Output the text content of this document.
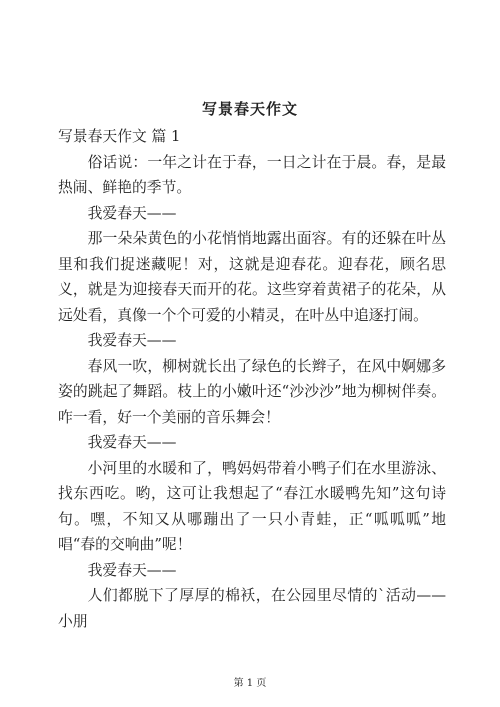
写景春天作文

写景春天作文 篇 1

俗话说：一年之计在于春，一日之计在于晨。春，是最热闹、鲜艳的季节。

我爱春天——

那一朵朵黄色的小花悄悄地露出面容。有的还躲在叶丛里和我们捉迷藏呢！对，这就是迎春花。迎春花，顾名思义，就是为迎接春天而开的花。这些穿着黄裙子的花朵，从远处看，真像一个个可爱的小精灵，在叶丛中追逐打闹。

我爱春天——

春风一吹，柳树就长出了绿色的长辫子，在风中婀娜多姿的跳起了舞蹈。枝上的小嫩叶还“沙沙沙”地为柳树伴奏。咋一看，好一个美丽的音乐舞会！

我爱春天——

小河里的水暖和了，鸭妈妈带着小鸭子们在水里游泳、找东西吃。哟，这可让我想起了“春江水暖鸭先知”这句诗句。嘿，不知又从哪蹦出了一只小青蛙，正“呱呱呱”地唱“春的交响曲”呢！

我爱春天——

人们都脱下了厚厚的棉袄，在公园里尽情的`活动——小朋

第 1 页
